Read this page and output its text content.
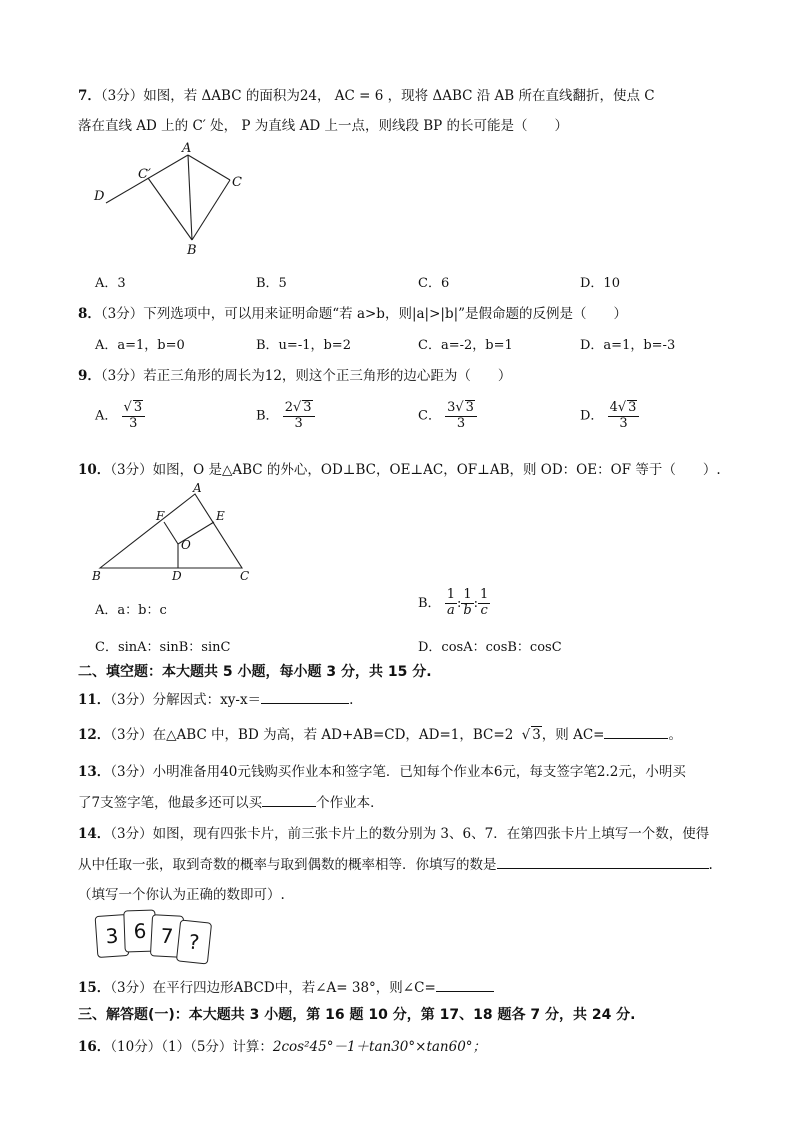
7．（3分）如图，若 ΔABC 的面积为24， AC = 6 ，现将 ΔABC 沿 AB 所在直线翻折，使点 C
落在直线 AD 上的 C′ 处， P 为直线 AD 上一点，则线段 BP 的长可能是（　　）
D
C′
A
C
B
A．3	B．5	C．6	D．10
8．（3分）下列选项中，可以用来证明命题“若 a>b，则|a|>|b|”是假命题的反例是（　　）
A．a=1，b=0	B．u=-1，b=2	C．a=-2，b=1	D．a=1，b=-3
9．（3分）若正三角形的周长为12，则这个正三角形的边心距为（　　）
A． $\frac{√ 3}{3}$	B． $\frac{2√ 3}{3}$	C． $\frac{3√ 3}{3}$	D． $\frac{4√ 3}{3}$
10．（3分）如图，O 是△ABC 的外心，OD⊥BC，OE⊥AC，OF⊥AB，则 OD：OE：OF 等于（　　）.
A
F	E
O
B	D	C
A．a：b：c	B． $\frac{1}{a}$ : $\frac{1}{b}$ : $\frac{1}{c}$
C．sinA：sinB：sinC	D．cosA：cosB：cosC
二、填空题：本大题共 5 小题，每小题 3 分，共 15 分.
11．（3分）分解因式：xy-x＝	.
12．（3分）在△ABC 中，BD 为高，若 AD+AB=CD，AD=1，BC=2 √ 3，则 AC=	。
13．（3分）小明准备用40元钱购买作业本和签字笔．已知每个作业本6元，每支签字笔2.2元，小明买
了7支签字笔，他最多还可以买	个作业本．
14．（3分）如图，现有四张卡片，前三张卡片上的数分别为 3、6、7．在第四张卡片上填写一个数，使得
从中任取一张，取到奇数的概率与取到偶数的概率相等．你填写的数是	.
（填写一个你认为正确的数即可）.
3 6 7 ?
15．（3分）在平行四边形ABCD中，若∠A= 38°，则∠C=
三、解答题(一)：本大题共 3 小题，第 16 题 10 分，第 17、18 题各 7 分，共 24 分.
16．（10分）（1）（5分）计算：2cos²45°－1＋tan30°×tan60°；
